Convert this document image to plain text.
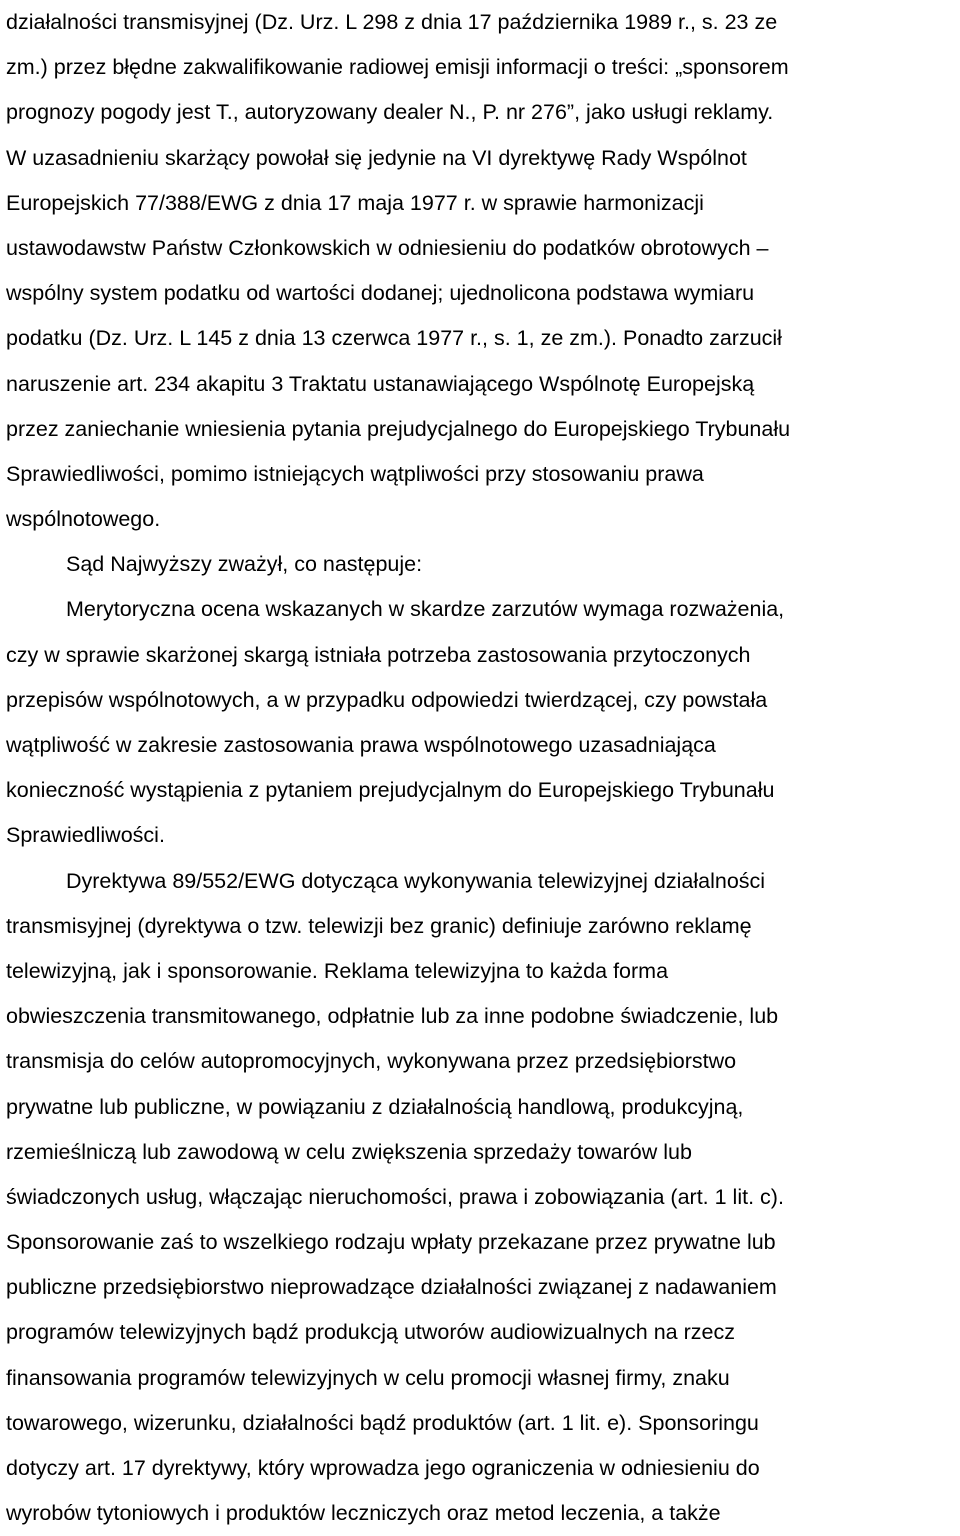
działalności transmisyjnej (Dz. Urz. L 298 z dnia 17 października 1989 r., s. 23 ze
zm.) przez błędne zakwalifikowanie radiowej emisji informacji o treści: „sponsorem
prognozy pogody jest T., autoryzowany dealer N., P. nr 276”, jako usługi reklamy.
W uzasadnieniu skarżący powołał się jedynie na VI dyrektywę Rady Wspólnot
Europejskich 77/388/EWG z dnia 17 maja 1977 r. w sprawie harmonizacji
ustawodawstw Państw Członkowskich w odniesieniu do podatków obrotowych –
wspólny system podatku od wartości dodanej; ujednolicona podstawa wymiaru
podatku (Dz. Urz. L 145 z dnia 13 czerwca 1977 r., s. 1, ze zm.). Ponadto zarzucił
naruszenie art. 234 akapitu 3 Traktatu ustanawiającego Wspólnotę Europejską
przez zaniechanie wniesienia pytania prejudycjalnego do Europejskiego Trybunału
Sprawiedliwości, pomimo istniejących wątpliwości przy stosowaniu prawa
wspólnotowego.
Sąd Najwyższy zważył, co następuje:
Merytoryczna ocena wskazanych w skardze zarzutów wymaga rozważenia,
czy w sprawie skarżonej skargą istniała potrzeba zastosowania przytoczonych
przepisów wspólnotowych, a w przypadku odpowiedzi twierdzącej, czy powstała
wątpliwość w zakresie zastosowania prawa wspólnotowego uzasadniająca
konieczność wystąpienia z pytaniem prejudycjalnym do Europejskiego Trybunału
Sprawiedliwości.
Dyrektywa 89/552/EWG dotycząca wykonywania telewizyjnej działalności
transmisyjnej (dyrektywa o tzw. telewizji bez granic) definiuje zarówno reklamę
telewizyjną, jak i sponsorowanie. Reklama telewizyjna to każda forma
obwieszczenia transmitowanego, odpłatnie lub za inne podobne świadczenie, lub
transmisja do celów autopromocyjnych, wykonywana przez przedsiębiorstwo
prywatne lub publiczne, w powiązaniu z działalnością handlową, produkcyjną,
rzemieślniczą lub zawodową w celu zwiększenia sprzedaży towarów lub
świadczonych usług, włączając nieruchomości, prawa i zobowiązania (art. 1 lit. c).
Sponsorowanie zaś to wszelkiego rodzaju wpłaty przekazane przez prywatne lub
publiczne przedsiębiorstwo nieprowadzące działalności związanej z nadawaniem
programów telewizyjnych bądź produkcją utworów audiowizualnych na rzecz
finansowania programów telewizyjnych w celu promocji własnej firmy, znaku
towarowego, wizerunku, działalności bądź produktów (art. 1 lit. e). Sponsoringu
dotyczy art. 17 dyrektywy, który wprowadza jego ograniczenia w odniesieniu do
wyrobów tytoniowych i produktów leczniczych oraz metod leczenia, a także
